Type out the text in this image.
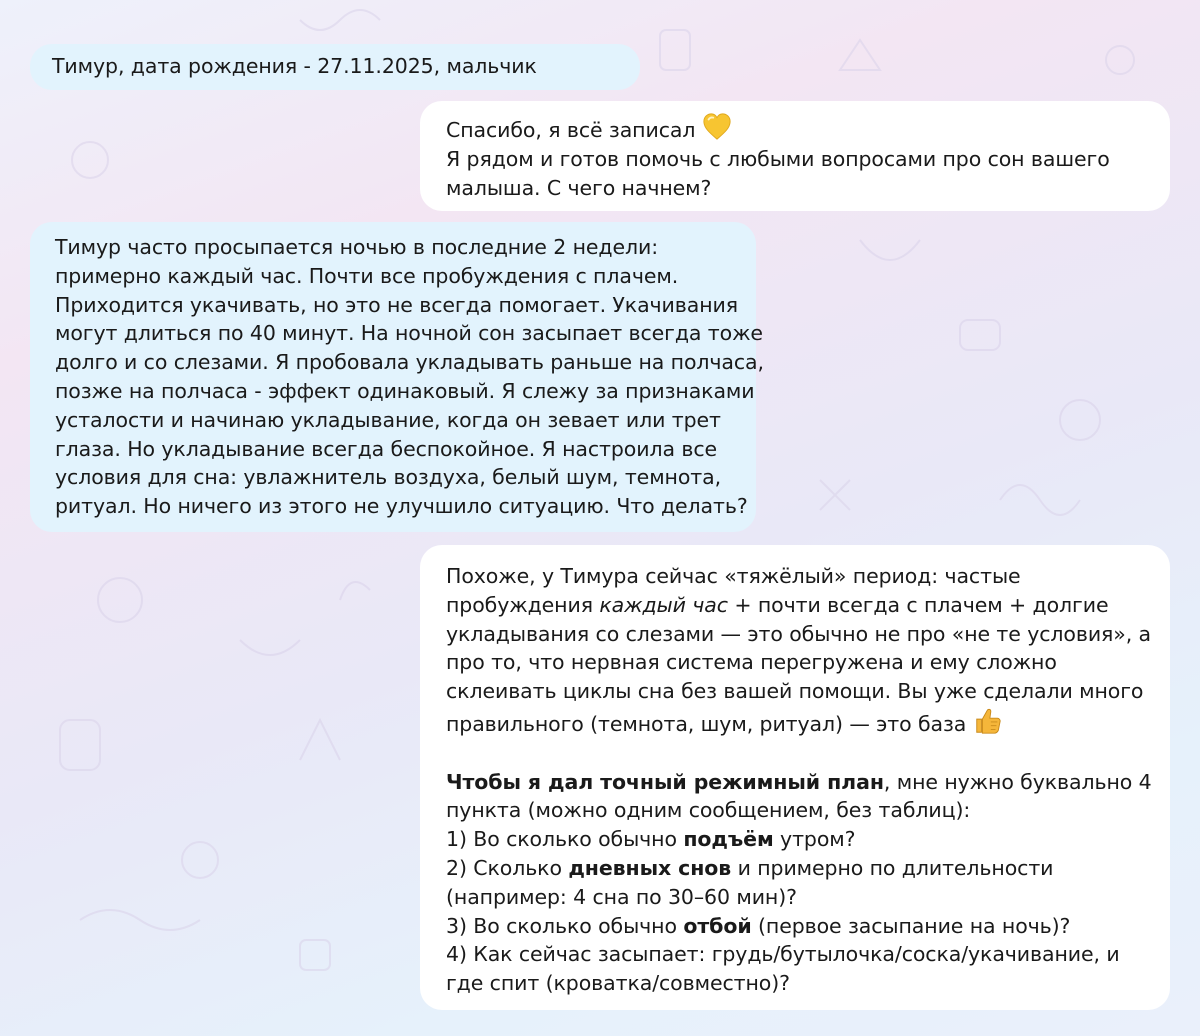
Тимур, дата рождения - 27.11.2025, мальчик
Спасибо, я всё записал
Я рядом и готов помочь с любыми вопросами про сон вашего
малыша. С чего начнем?
Тимур часто просыпается ночью в последние 2 недели:
примерно каждый час. Почти все пробуждения с плачем.
Приходится укачивать, но это не всегда помогает. Укачивания
могут длиться по 40 минут. На ночной сон засыпает всегда тоже
долго и со слезами. Я пробовала укладывать раньше на полчаса,
позже на полчаса - эффект одинаковый. Я слежу за признаками
усталости и начинаю укладывание, когда он зевает или трет
глаза. Но укладывание всегда беспокойное. Я настроила все
условия для сна: увлажнитель воздуха, белый шум, темнота,
ритуал. Но ничего из этого не улучшило ситуацию. Что делать?
Похоже, у Тимура сейчас «тяжёлый» период: частые
пробуждения каждый час + почти всегда с плачем + долгие
укладывания со слезами — это обычно не про «не те условия», а
про то, что нервная система перегружена и ему сложно
склеивать циклы сна без вашей помощи. Вы уже сделали много
правильного (темнота, шум, ритуал) — это база
Чтобы я дал точный режимный план, мне нужно буквально 4
пункта (можно одним сообщением, без таблиц):
1) Во сколько обычно подъём утром?
2) Сколько дневных снов и примерно по длительности
(например: 4 сна по 30–60 мин)?
3) Во сколько обычно отбой (первое засыпание на ночь)?
4) Как сейчас засыпает: грудь/бутылочка/соска/укачивание, и
где спит (кроватка/совместно)?
